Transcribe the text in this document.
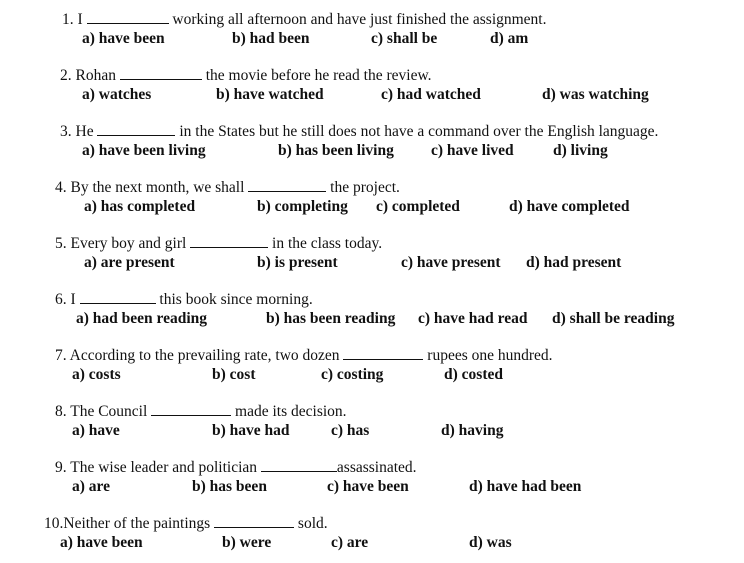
1. I	working all afternoon and have just finished the assignment.
a) have been	b) had been	c) shall be	d) am
2. Rohan	the movie before he read the review.
a) watches	b) have watched	c) had watched	d) was watching
3. He	in the States but he still does not have a command over the English language.
a) have been living	b) has been living c) have lived	d) living
4. By the next month, we shall	the project.
a) has completed	b) completing c) completed	d) have completed
5. Every boy and girl	in the class today.
a) are present	b) is present	c) have present d) had present
6. I	this book since morning.
a) had been reading	b) has been reading c) have had read d) shall be reading
7. According to the prevailing rate, two dozen	rupees one hundred.
a) costs	b) cost	c) costing	d) costed
8. The Council	made its decision.
a) have	b) have had	c) has	d) having
9. The wise leader and politician	assassinated.
a) are	b) has been	c) have been	d) have had been
10.Neither of the paintings	sold.
a) have been	b) were	c) are	d) was
